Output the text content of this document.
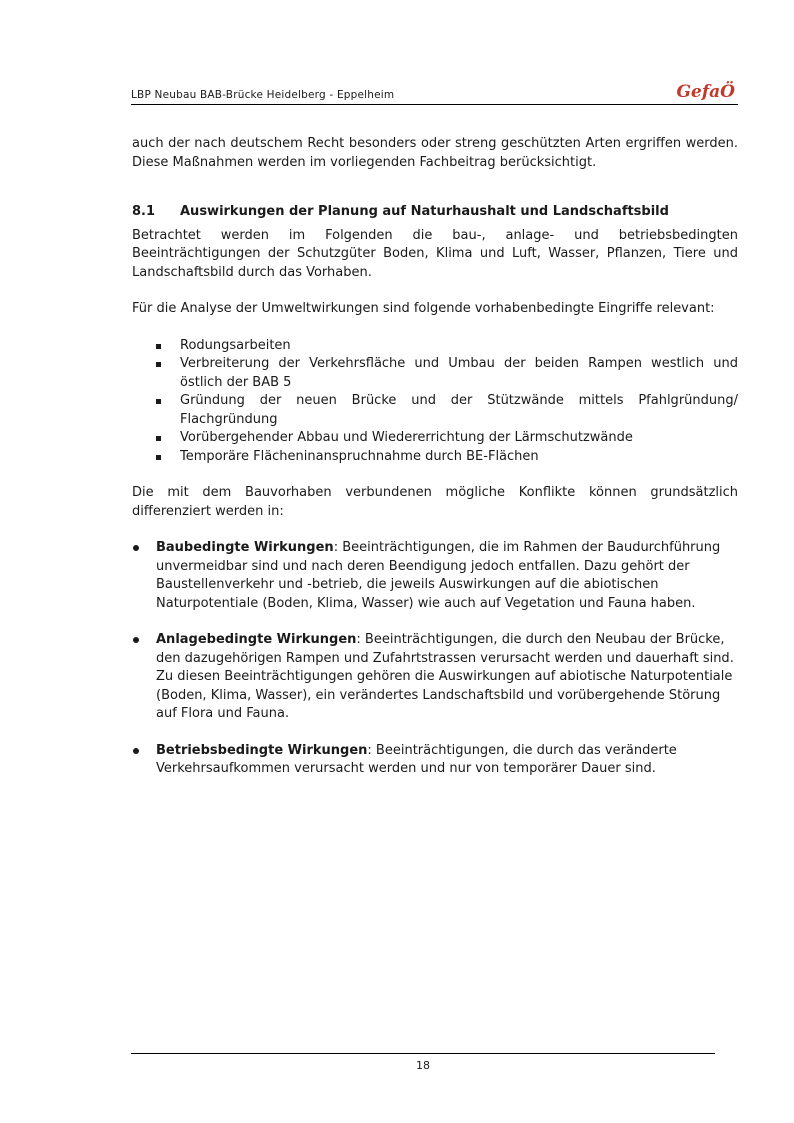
LBP Neubau BAB-Brücke Heidelberg - Eppelheim	GefaÖ

auch der nach deutschem Recht besonders oder streng geschützten Arten ergriffen werden. Diese Maßnahmen werden im vorliegenden Fachbeitrag berücksichtigt.

8.1	Auswirkungen der Planung auf Naturhaushalt und Landschaftsbild

Betrachtet werden im Folgenden die bau-, anlage- und betriebsbedingten Beeinträchtigungen der Schutzgüter Boden, Klima und Luft, Wasser, Pflanzen, Tiere und Landschaftsbild durch das Vorhaben.

Für die Analyse der Umweltwirkungen sind folgende vorhabenbedingte Eingriffe relevant:

Rodungsarbeiten
Verbreiterung der Verkehrsfläche und Umbau der beiden Rampen westlich und östlich der BAB 5
Gründung der neuen Brücke und der Stützwände mittels Pfahlgründung/ Flachgründung
Vorübergehender Abbau und Wiedererrichtung der Lärmschutzwände
Temporäre Flächeninanspruchnahme durch BE-Flächen

Die mit dem Bauvorhaben verbundenen mögliche Konflikte können grundsätzlich differenziert werden in:

Baubedingte Wirkungen: Beeinträchtigungen, die im Rahmen der Baudurchführung unvermeidbar sind und nach deren Beendigung jedoch entfallen. Dazu gehört der Baustellenverkehr und -betrieb, die jeweils Auswirkungen auf die abiotischen Naturpotentiale (Boden, Klima, Wasser) wie auch auf Vegetation und Fauna haben.
Anlagebedingte Wirkungen: Beeinträchtigungen, die durch den Neubau der Brücke, den dazugehörigen Rampen und Zufahrtstrassen verursacht werden und dauerhaft sind. Zu diesen Beeinträchtigungen gehören die Auswirkungen auf abiotische Naturpotentiale (Boden, Klima, Wasser), ein verändertes Landschaftsbild und vorübergehende Störung auf Flora und Fauna.
Betriebsbedingte Wirkungen: Beeinträchtigungen, die durch das veränderte Verkehrsaufkommen verursacht werden und nur von temporärer Dauer sind.
18
